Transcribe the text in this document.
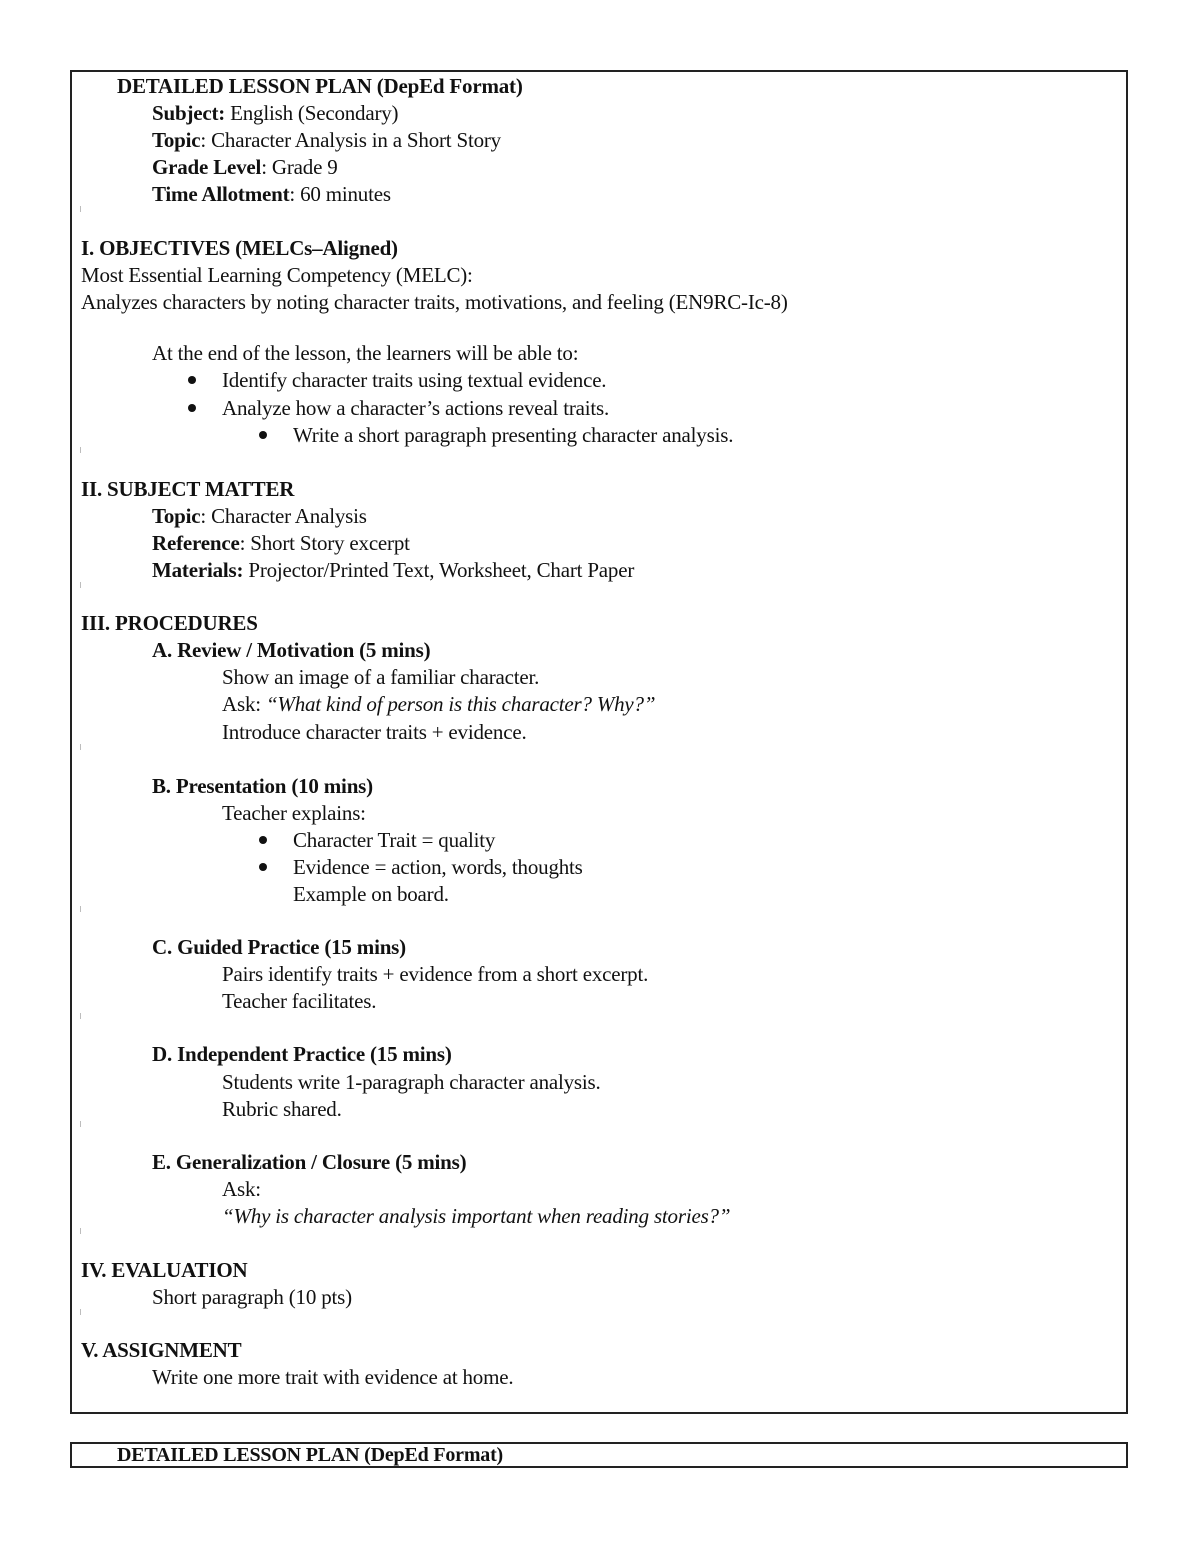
DETAILED LESSON PLAN (DepEd Format)
Subject: English (Secondary)
Topic: Character Analysis in a Short Story
Grade Level: Grade 9
Time Allotment: 60 minutes
I. OBJECTIVES (MELCs–Aligned)
Most Essential Learning Competency (MELC):
Analyzes characters by noting character traits, motivations, and feeling (EN9RC-Ic-8)
At the end of the lesson, the learners will be able to:
Identify character traits using textual evidence.
Analyze how a character’s actions reveal traits.
Write a short paragraph presenting character analysis.
II. SUBJECT MATTER
Topic: Character Analysis
Reference: Short Story excerpt
Materials: Projector/Printed Text, Worksheet, Chart Paper
III. PROCEDURES
A. Review / Motivation (5 mins)
Show an image of a familiar character.
Ask: “What kind of person is this character? Why?”
Introduce character traits + evidence.
B. Presentation (10 mins)
Teacher explains:
Character Trait = quality
Evidence = action, words, thoughts
Example on board.
C. Guided Practice (15 mins)
Pairs identify traits + evidence from a short excerpt.
Teacher facilitates.
D. Independent Practice (15 mins)
Students write 1-paragraph character analysis.
Rubric shared.
E. Generalization / Closure (5 mins)
Ask:
“Why is character analysis important when reading stories?”
IV. EVALUATION
Short paragraph (10 pts)
V. ASSIGNMENT
Write one more trait with evidence at home.
DETAILED LESSON PLAN (DepEd Format)
